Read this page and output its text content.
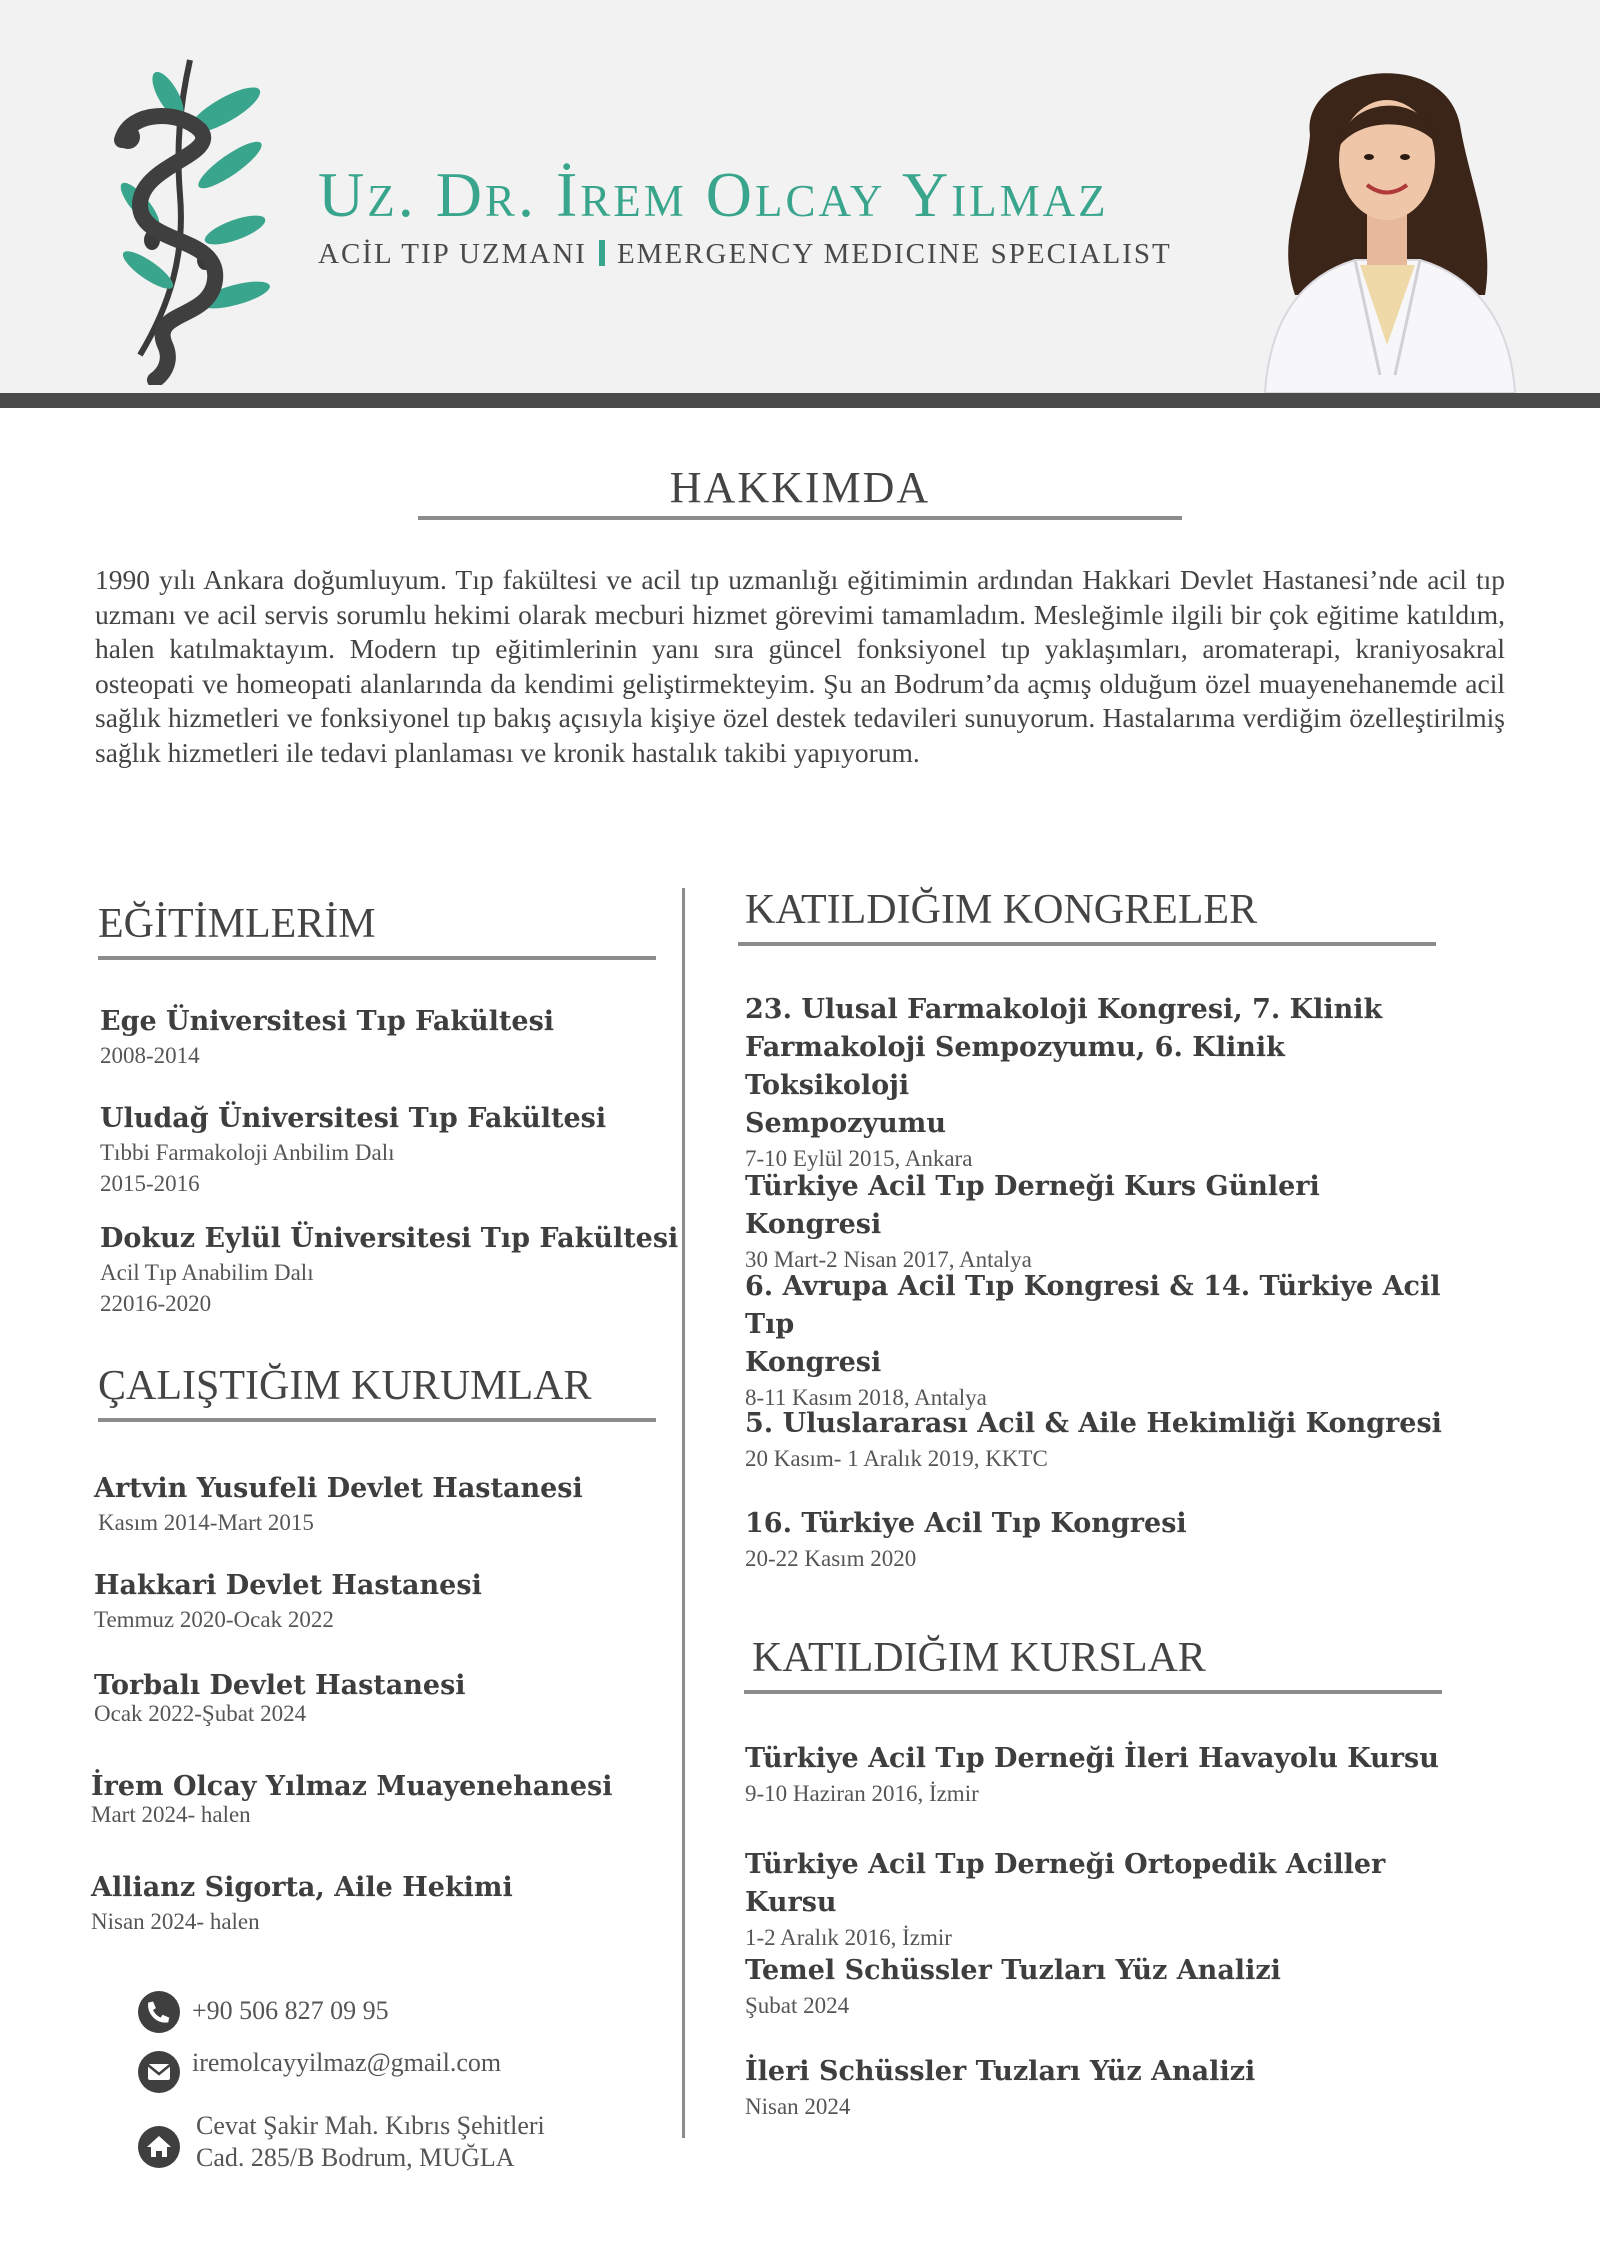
Uz. Dr. İrem Olcay Yılmaz
ACİL TIP UZMANI EMERGENCY MEDICINE SPECIALIST
HAKKIMDA
1990 yılı Ankara doğumluyum. Tıp fakültesi ve acil tıp uzmanlığı eğitimimin ardından Hakkari Devlet Hastanesi’nde acil tıp uzmanı ve acil servis sorumlu hekimi olarak mecburi hizmet görevimi tamamladım. Mesleğimle ilgili bir çok eğitime katıldım, halen katılmaktayım. Modern tıp eğitimlerinin yanı sıra güncel fonksiyonel tıp yaklaşımları, aromaterapi, kraniyosakral osteopati ve homeopati alanlarında da kendimi geliştirmekteyim. Şu an Bodrum’da açmış olduğum özel muayenehanemde acil sağlık hizmetleri ve fonksiyonel tıp bakış açısıyla kişiye özel destek tedavileri sunuyorum. Hastalarıma verdiğim özelleştirilmiş sağlık hizmetleri ile tedavi planlaması ve kronik hastalık takibi yapıyorum.
EĞİTİMLERİM
Ege Üniversitesi Tıp Fakültesi
2008-2014
Uludağ Üniversitesi Tıp Fakültesi
Tıbbi Farmakoloji Anbilim Dalı
2015-2016
Dokuz Eylül Üniversitesi Tıp Fakültesi
Acil Tıp Anabilim Dalı
22016-2020
ÇALIŞTIĞIM KURUMLAR
Artvin Yusufeli Devlet Hastanesi
Kasım 2014-Mart 2015
Hakkari Devlet Hastanesi
Temmuz 2020-Ocak 2022
Torbalı Devlet Hastanesi
Ocak 2022-Şubat 2024
İrem Olcay Yılmaz Muayenehanesi
Mart 2024- halen
Allianz Sigorta, Aile Hekimi
Nisan 2024- halen
+90 506 827 09 95
iremolcayyilmaz@gmail.com
Cevat Şakir Mah. Kıbrıs Şehitleri
Cad. 285/B Bodrum, MUĞLA
KATILDIĞIM KONGRELER
23. Ulusal Farmakoloji Kongresi, 7. Klinik
Farmakoloji Sempozyumu, 6. Klinik Toksikoloji
Sempozyumu
7-10 Eylül 2015, Ankara
Türkiye Acil Tıp Derneği Kurs Günleri Kongresi
30 Mart-2 Nisan 2017, Antalya
6. Avrupa Acil Tıp Kongresi & 14. Türkiye Acil Tıp
Kongresi
8-11 Kasım 2018, Antalya
5. Uluslararası Acil & Aile Hekimliği Kongresi
20 Kasım- 1 Aralık 2019, KKTC
16. Türkiye Acil Tıp Kongresi
20-22 Kasım 2020
KATILDIĞIM KURSLAR
Türkiye Acil Tıp Derneği İleri Havayolu Kursu
9-10 Haziran 2016, İzmir
Türkiye Acil Tıp Derneği Ortopedik Aciller Kursu
1-2 Aralık 2016, İzmir
Temel Schüssler Tuzları Yüz Analizi
Şubat 2024
İleri Schüssler Tuzları Yüz Analizi
Nisan 2024
